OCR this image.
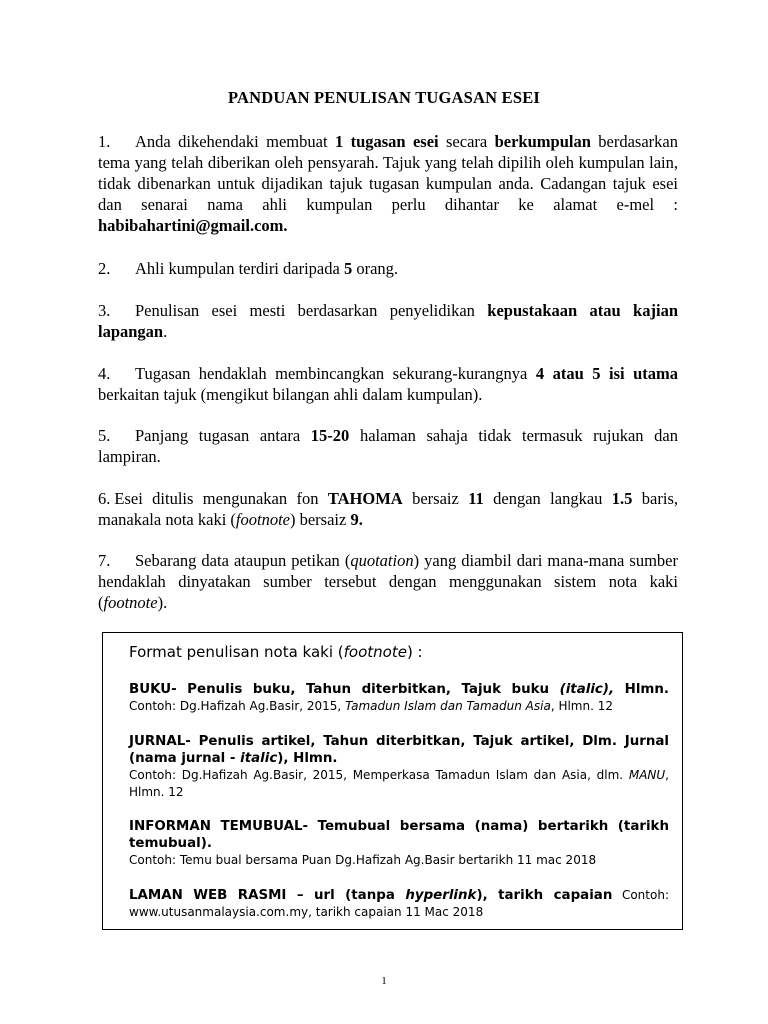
PANDUAN PENULISAN TUGASAN ESEI
1. Anda dikehendaki membuat 1 tugasan esei secara berkumpulan berdasarkan tema yang telah diberikan oleh pensyarah. Tajuk yang telah dipilih oleh kumpulan lain, tidak dibenarkan untuk dijadikan tajuk tugasan kumpulan anda. Cadangan tajuk esei dan senarai nama ahli kumpulan perlu dihantar ke alamat e-mel : habibahartini@gmail.com.
2. Ahli kumpulan terdiri daripada 5 orang.
3. Penulisan esei mesti berdasarkan penyelidikan kepustakaan atau kajian lapangan.
4. Tugasan hendaklah membincangkan sekurang-kurangnya 4 atau 5 isi utama berkaitan tajuk (mengikut bilangan ahli dalam kumpulan).
5. Panjang tugasan antara 15-20 halaman sahaja tidak termasuk rujukan dan lampiran.
6. Esei ditulis mengunakan fon TAHOMA bersaiz 11 dengan langkau 1.5 baris, manakala nota kaki (footnote) bersaiz 9.
7. Sebarang data ataupun petikan (quotation) yang diambil dari mana-mana sumber hendaklah dinyatakan sumber tersebut dengan menggunakan sistem nota kaki (footnote).
Format penulisan nota kaki (footnote) :
BUKU- Penulis buku, Tahun diterbitkan, Tajuk buku (italic), Hlmn. Contoh: Dg.Hafizah Ag.Basir, 2015, Tamadun Islam dan Tamadun Asia, Hlmn. 12
JURNAL- Penulis artikel, Tahun diterbitkan, Tajuk artikel, Dlm. Jurnal (nama jurnal - italic), Hlmn.
Contoh: Dg.Hafizah Ag.Basir, 2015, Memperkasa Tamadun Islam dan Asia, dlm. MANU, Hlmn. 12
INFORMAN TEMUBUAL- Temubual bersama (nama) bertarikh (tarikh temubual).
Contoh: Temu bual bersama Puan Dg.Hafizah Ag.Basir bertarikh 11 mac 2018
LAMAN WEB RASMI – url (tanpa hyperlink), tarikh capaian Contoh: www.utusanmalaysia.com.my, tarikh capaian 11 Mac 2018
1
